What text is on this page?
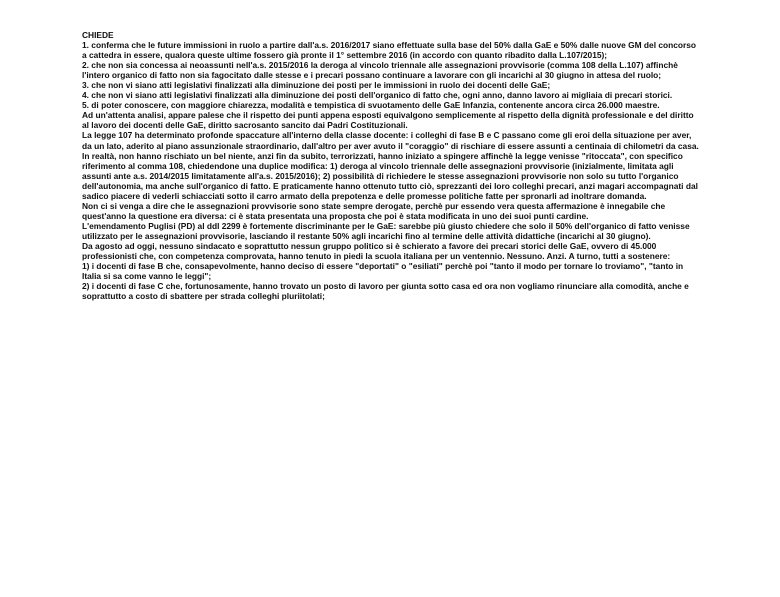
CHIEDE

1. conferma che le future immissioni in ruolo a partire dall'a.s. 2016/2017 siano effettuate sulla base del 50% dalla GaE e 50% dalle nuove GM del concorso a cattedra in essere, qualora queste ultime fossero già pronte il 1° settembre 2016 (in accordo con quanto ribadito dalla L.107/2015);

2. che non sia concessa ai neoassunti nell'a.s. 2015/2016 la deroga al vincolo triennale alle assegnazioni provvisorie (comma 108 della L.107) affinchè l'intero organico di fatto non sia fagocitato dalle stesse e i precari possano continuare a lavorare con gli incarichi al 30 giugno in attesa del ruolo;

3. che non vi siano atti legislativi finalizzati alla diminuzione dei posti per le immissioni in ruolo dei docenti delle GaE;

4. che non vi siano atti legislativi finalizzati alla diminuzione dei posti dell'organico di fatto che, ogni anno, danno lavoro ai migliaia di precari storici.

5. di poter conoscere, con maggiore chiarezza, modalità e tempistica di svuotamento delle GaE Infanzia, contenente ancora circa 26.000 maestre.

Ad un'attenta analisi, appare palese che il rispetto dei punti appena esposti equivalgono semplicemente al rispetto della dignità professionale e del diritto al lavoro dei docenti delle GaE, diritto sacrosanto sancito dai Padri Costituzionali.

La legge 107 ha determinato profonde spaccature all'interno della classe docente: i colleghi di fase B e C passano come gli eroi della situazione per aver, da un lato, aderito al piano assunzionale straordinario, dall'altro per aver avuto il "coraggio" di rischiare di essere assunti a centinaia di chilometri da casa. In realtà, non hanno rischiato un bel niente, anzi fin da subito, terrorizzati, hanno iniziato a spingere affinchè la legge venisse "ritoccata", con specifico riferimento al comma 108, chiedendone una duplice modifica: 1) deroga al vincolo triennale delle assegnazioni provvisorie (inizialmente, limitata agli assunti ante a.s. 2014/2015 limitatamente all'a.s. 2015/2016); 2) possibilità di richiedere le stesse assegnazioni provvisorie non solo su tutto l'organico dell'autonomia, ma anche sull'organico di fatto. E praticamente hanno ottenuto tutto ciò, sprezzanti dei loro colleghi precari, anzi magari accompagnati dal sadico piacere di vederli schiacciati sotto il carro armato della prepotenza e delle promesse politiche fatte per spronarli ad inoltrare domanda.

Non ci si venga a dire che le assegnazioni provvisorie sono state sempre derogate, perchè pur essendo vera questa affermazione è innegabile che quest'anno la questione era diversa: ci è stata presentata una proposta che poi è stata modificata in uno dei suoi punti cardine.

L'emendamento Puglisi (PD) al ddl 2299 è fortemente discriminante per le GaE: sarebbe più giusto chiedere che solo il 50% dell'organico di fatto venisse utilizzato per le assegnazioni provvisorie, lasciando il restante 50% agli incarichi fino al termine delle attività didattiche (incarichi al 30 giugno).

Da agosto ad oggi, nessuno sindacato e soprattutto nessun gruppo politico si è schierato a favore dei precari storici delle GaE, ovvero di 45.000 professionisti che, con competenza comprovata, hanno tenuto in piedi la scuola italiana per un ventennio. Nessuno. Anzi. A turno, tutti a sostenere:

1) i docenti di fase B che, consapevolmente, hanno deciso di essere "deportati" o "esiliati" perchè poi "tanto il modo per tornare lo troviamo", "tanto in Italia si sa come vanno le leggi";

2) i docenti di fase C che, fortunosamente, hanno trovato un posto di lavoro per giunta sotto casa ed ora non vogliamo rinunciare alla comodità, anche e soprattutto a costo di sbattere per strada colleghi pluriitolati;
